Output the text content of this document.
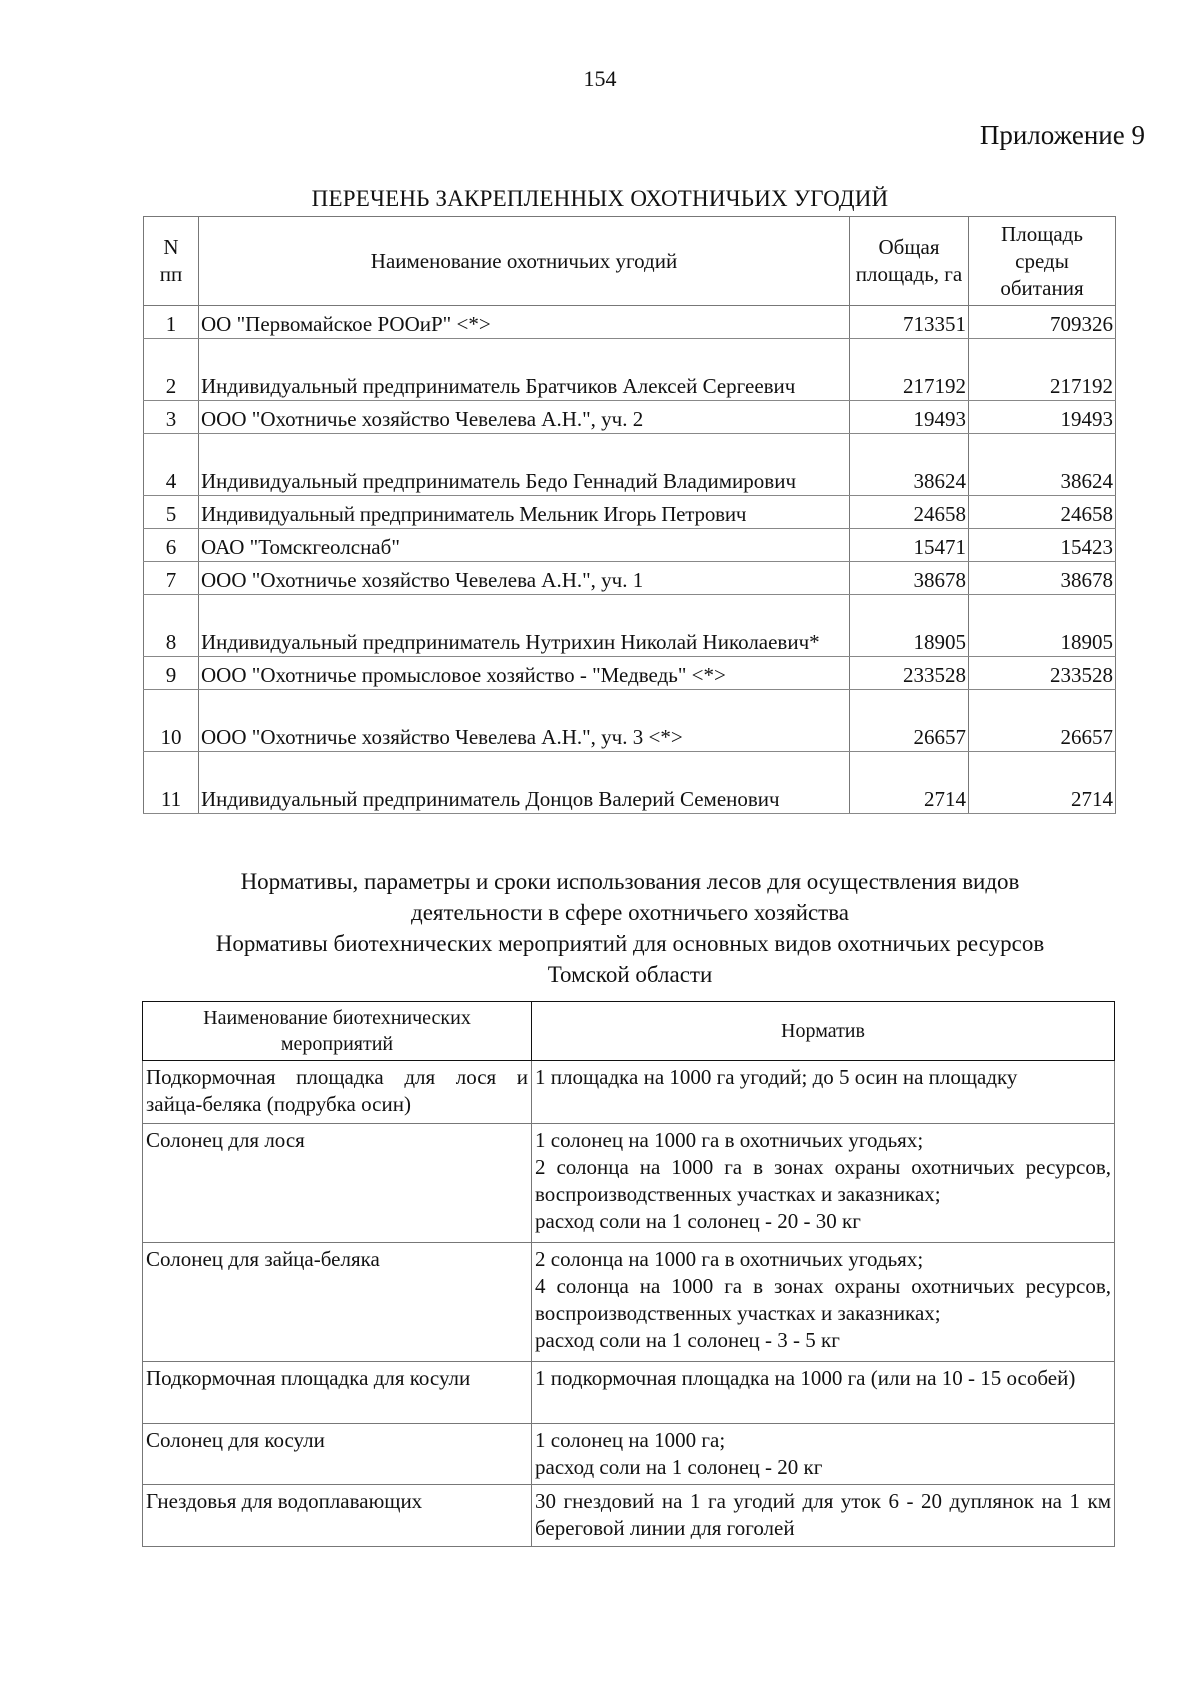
154
Приложение 9
ПЕРЕЧЕНЬ ЗАКРЕПЛЕННЫХ ОХОТНИЧЬИХ УГОДИЙ
N пп	Наименование охотничьих угодий	Общая площадь, га	Площадь среды обитания

1	ОО "Первомайское РООиР" <*>	713351	709326
2	Индивидуальный предприниматель Братчиков Алексей Сергеевич	217192	217192
3	ООО "Охотничье хозяйство Чевелева А.Н.", уч. 2	19493	19493
4	Индивидуальный предприниматель Бедо Геннадий Владимирович	38624	38624
5	Индивидуальный предприниматель Мельник Игорь Петрович	24658	24658
6	ОАО "Томскгеолснаб"	15471	15423
7	ООО "Охотничье хозяйство Чевелева А.Н.", уч. 1	38678	38678
8	Индивидуальный предприниматель Нутрихин Николай Николаевич*	18905	18905
9	ООО "Охотничье промысловое хозяйство - "Медведь" <*>	233528	233528
10	ООО "Охотничье хозяйство Чевелева А.Н.", уч. 3 <*>	26657	26657
11	Индивидуальный предприниматель Донцов Валерий Семенович	2714	2714
Нормативы, параметры и сроки использования лесов для осуществления видов
деятельности в сфере охотничьего хозяйства
Нормативы биотехнических мероприятий для основных видов охотничьих ресурсов
Томской области
Наименование биотехнических мероприятий	Норматив
Подкормочная площадка для лося и зайца-беляка (подрубка осин)	1 площадка на 1000 га угодий; до 5 осин на площадку

Солонец для лося	1 солонец на 1000 га в охотничьих угодьях;
2 солонца на 1000 га в зонах охраны охотничьих ресурсов, воспроизводственных участках и заказниках;
расход соли на 1 солонец - 20 - 30 кг

Солонец для зайца-беляка	2 солонца на 1000 га в охотничьих угодьях;
4 солонца на 1000 га в зонах охраны охотничьих ресурсов, воспроизводственных участках и заказниках;
расход соли на 1 солонец - 3 - 5 кг

Подкормочная площадка для косули	1 подкормочная площадка на 1000 га (или на 10 - 15 особей)

Солонец для косули	1 солонец на 1000 га;
расход соли на 1 солонец - 20 кг

Гнездовья для водоплавающих	30 гнездовий на 1 га угодий для уток 6 - 20 дуплянок на 1 км береговой линии для гоголей
